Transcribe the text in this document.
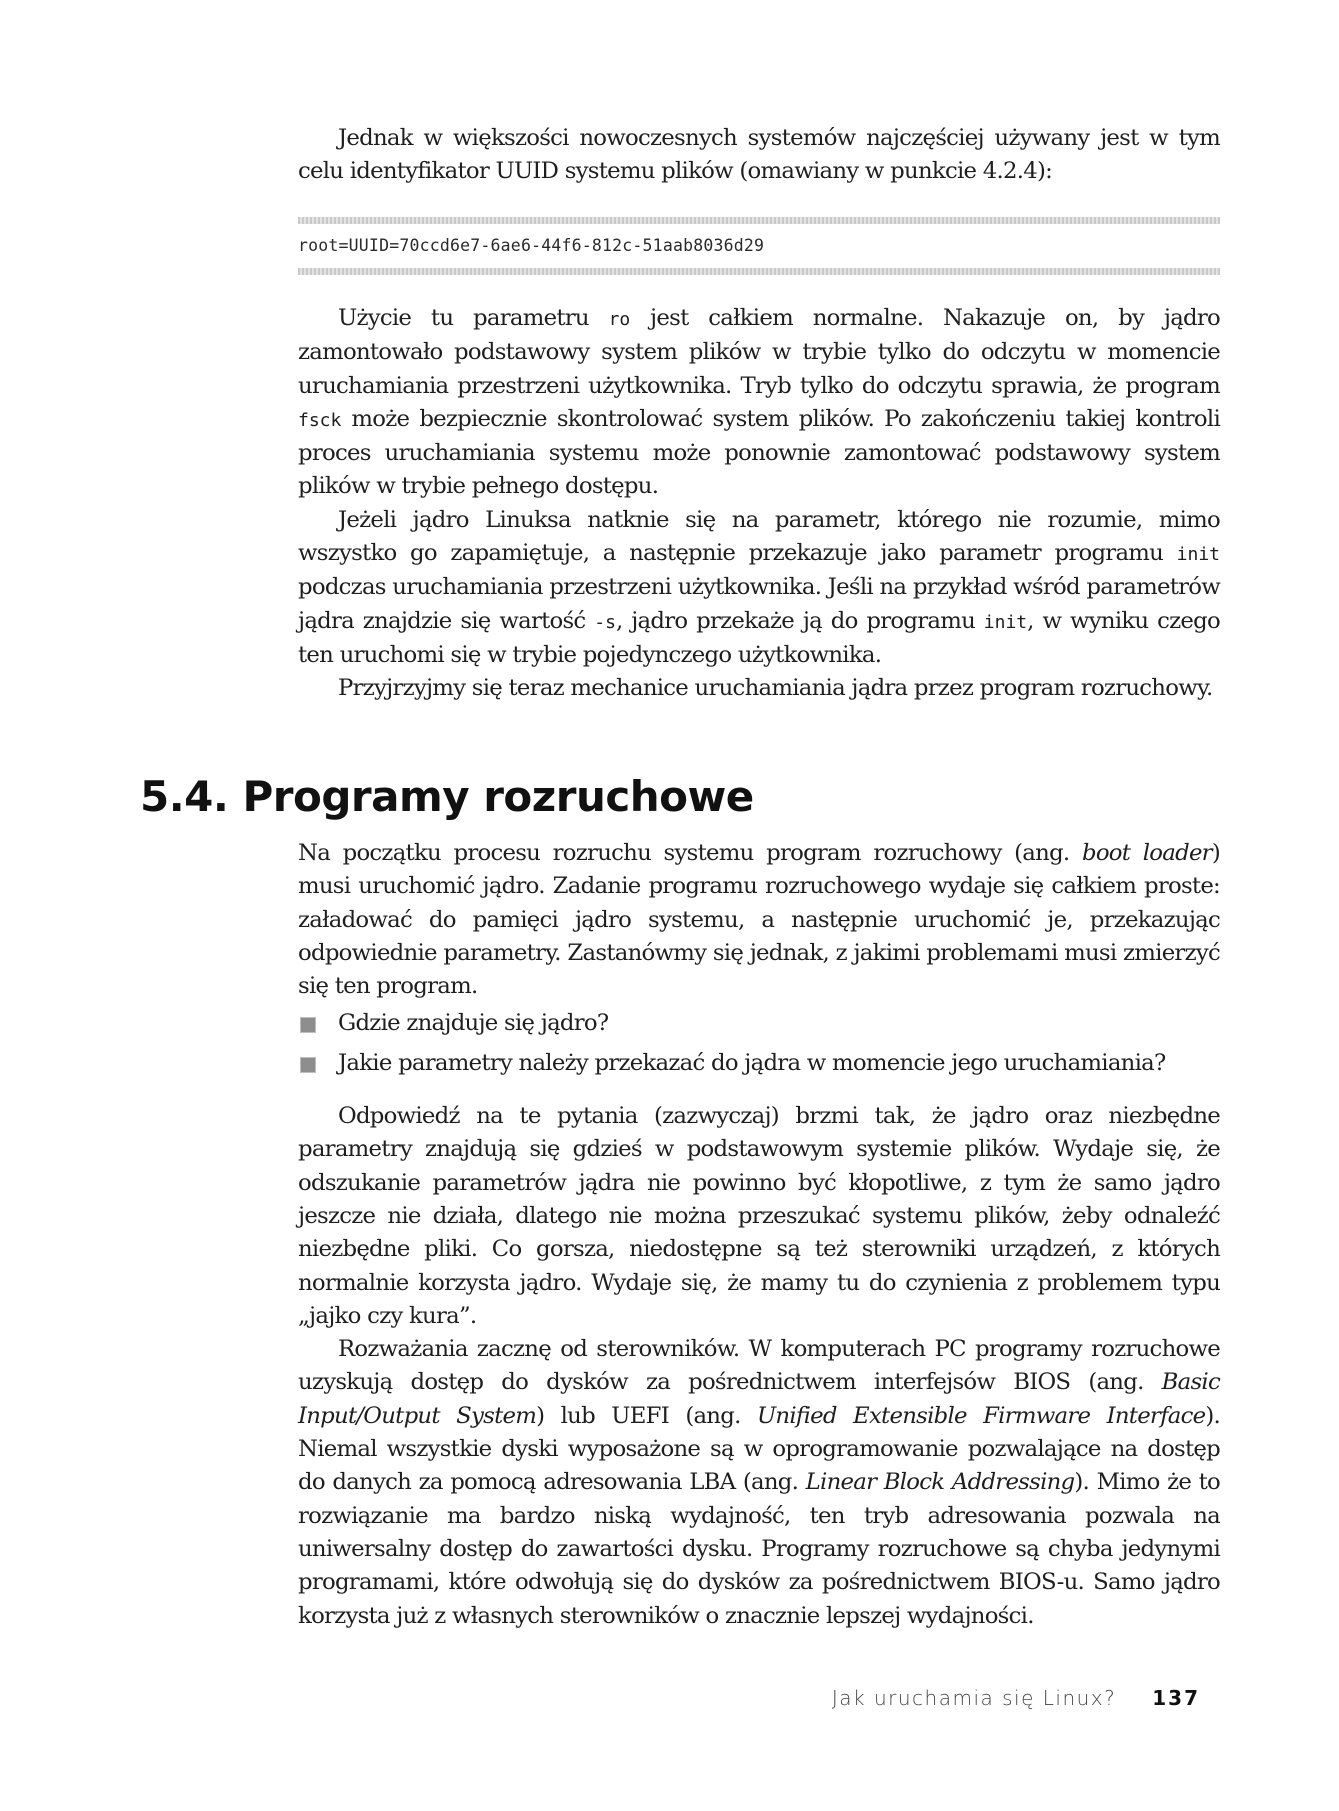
Jednak w większości nowoczesnych systemów najczęściej używany jest w tym celu identyfikator UUID systemu plików (omawiany w punkcie 4.2.4):

root=UUID=70ccd6e7-6ae6-44f6-812c-51aab8036d29

Użycie tu parametru ro jest całkiem normalne. Nakazuje on, by jądro zamontowało podstawowy system plików w trybie tylko do odczytu w momencie uruchamiania przestrzeni użytkownika. Tryb tylko do odczytu sprawia, że program fsck może bezpiecznie skontrolować system plików. Po zakończeniu takiej kontroli proces uruchamiania systemu może ponownie zamontować podstawowy system plików w trybie pełnego dostępu.

Jeżeli jądro Linuksa natknie się na parametr, którego nie rozumie, mimo wszystko go zapamiętuje, a następnie przekazuje jako parametr programu init podczas uruchamiania przestrzeni użytkownika. Jeśli na przykład wśród parametrów jądra znajdzie się wartość -s, jądro przekaże ją do programu init, w wyniku czego ten uruchomi się w trybie pojedynczego użytkownika.

Przyjrzyjmy się teraz mechanice uruchamiania jądra przez program rozruchowy.

5.4. Programy rozruchowe

Na początku procesu rozruchu systemu program rozruchowy (ang. boot loader) musi uruchomić jądro. Zadanie programu rozruchowego wydaje się całkiem proste: załadować do pamięci jądro systemu, a następnie uruchomić je, przekazując odpowiednie parametry. Zastanówmy się jednak, z jakimi problemami musi zmierzyć się ten program.

Gdzie znajduje się jądro?
Jakie parametry należy przekazać do jądra w momencie jego uruchamiania?

Odpowiedź na te pytania (zazwyczaj) brzmi tak, że jądro oraz niezbędne parametry znajdują się gdzieś w podstawowym systemie plików. Wydaje się, że odszukanie parametrów jądra nie powinno być kłopotliwe, z tym że samo jądro jeszcze nie działa, dlatego nie można przeszukać systemu plików, żeby odnaleźć niezbędne pliki. Co gorsza, niedostępne są też sterowniki urządzeń, z których normalnie korzysta jądro. Wydaje się, że mamy tu do czynienia z problemem typu „jajko czy kura”.

Rozważania zacznę od sterowników. W komputerach PC programy rozruchowe uzyskują dostęp do dysków za pośrednictwem interfejsów BIOS (ang. Basic Input/Output System) lub UEFI (ang. Unified Extensible Firmware Interface). Niemal wszystkie dyski wyposażone są w oprogramowanie pozwalające na dostęp do danych za pomocą adresowania LBA (ang. Linear Block Addressing). Mimo że to rozwiązanie ma bardzo niską wydajność, ten tryb adresowania pozwala na uniwersalny dostęp do zawartości dysku. Programy rozruchowe są chyba jedynymi programami, które odwołują się do dysków za pośrednictwem BIOS-u. Samo jądro korzysta już z własnych sterowników o znacznie lepszej wydajności.

Jak uruchamia się Linux? 137
